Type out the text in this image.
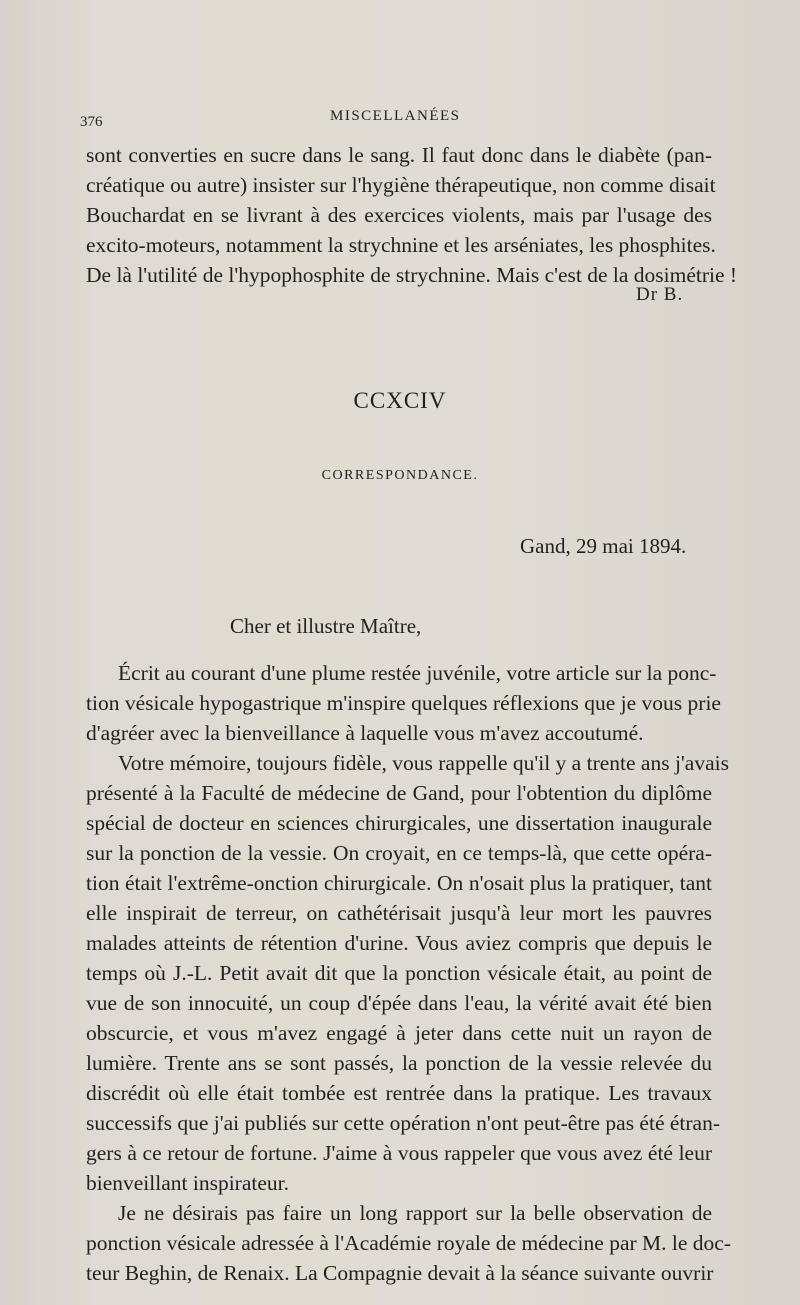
376	MISCELLANÉES
sont converties en sucre dans le sang. Il faut donc dans le diabète (pan-
créatique ou autre) insister sur l'hygiène thérapeutique, non comme disait
Bouchardat en se livrant à des exercices violents, mais par l'usage des
excito-moteurs, notamment la strychnine et les arséniates, les phosphites.
De là l'utilité de l'hypophosphite de strychnine. Mais c'est de la dosimétrie !
Dr B.
CCXCIV
CORRESPONDANCE.
Gand, 29 mai 1894.
Cher et illustre Maître,
Écrit au courant d'une plume restée juvénile, votre article sur la ponc-
tion vésicale hypogastrique m'inspire quelques réflexions que je vous prie
d'agréer avec la bienveillance à laquelle vous m'avez accoutumé.
Votre mémoire, toujours fidèle, vous rappelle qu'il y a trente ans j'avais
présenté à la Faculté de médecine de Gand, pour l'obtention du diplôme
spécial de docteur en sciences chirurgicales, une dissertation inaugurale
sur la ponction de la vessie. On croyait, en ce temps-là, que cette opéra-
tion était l'extrême-onction chirurgicale. On n'osait plus la pratiquer, tant
elle inspirait de terreur, on cathétérisait jusqu'à leur mort les pauvres
malades atteints de rétention d'urine. Vous aviez compris que depuis le
temps où J.-L. Petit avait dit que la ponction vésicale était, au point de
vue de son innocuité, un coup d'épée dans l'eau, la vérité avait été bien
obscurcie, et vous m'avez engagé à jeter dans cette nuit un rayon de
lumière. Trente ans se sont passés, la ponction de la vessie relevée du
discrédit où elle était tombée est rentrée dans la pratique. Les travaux
successifs que j'ai publiés sur cette opération n'ont peut-être pas été étran-
gers à ce retour de fortune. J'aime à vous rappeler que vous avez été leur
bienveillant inspirateur.
Je ne désirais pas faire un long rapport sur la belle observation de
ponction vésicale adressée à l'Académie royale de médecine par M. le doc-
teur Beghin, de Renaix. La Compagnie devait à la séance suivante ouvrir
